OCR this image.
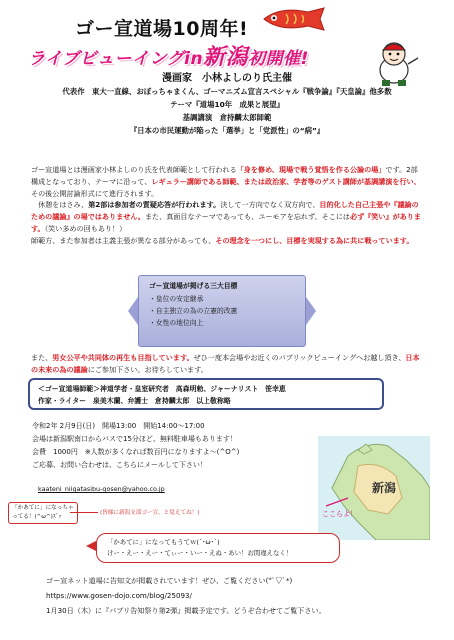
ゴー宣道場10周年!
ライブビューイングin新潟初開催!
漫画家　小林よしのり氏主催
代表作　東大一直線、おぼっちゃまくん、ゴーマニズム宣言スペシャル『戦争論』『天皇論』他多数
テーマ『道場10年　成果と展望』
基調講演　倉持麟太郎師範
『日本の市民運動が陥った「選挙」と「党派性」の“病”』
ゴー宣道場とは漫画家小林よしのり氏を代表師範として行われる「身を修め、現場で戦う覚悟を作る公論の場」です。2部構成となっており、テーマに沿って、レギュラー講師である師範、または政治家、学者等のゲスト講師が基調講演を行い、その後公開討論形式にて進行されます。
　休憩をはさみ、第2部は参加者の質疑応答が行われます。決して一方向でなく双方向で、目的化した自己主張や『議論のための議論』の場ではありません。また、真面目なテーマであっても、ユーモアを忘れず、そこには必ず『笑い』があります。（笑い多めの回もあり！）
師範方、また参加者は主義主張が異なる部分があっても、その理念を一つにし、目標を実現する為に共に戦っています。
ゴー宣道場が掲げる三大目標
・皇位の安定継承
・自主独立の為の立憲的改憲
・女性の地位向上
また、男女公平や共同体の再生も目指しています。ぜひ一度本会場やお近くのパブリックビューイングへお越し頂き、日本の未来の為の議論にご参加下さい。お待ちしています。
＜ゴー宣道場師範＞神道学者・皇室研究者　高森明勅、ジャーナリスト　笹幸恵
作家・ライター　泉美木蘭、弁護士　倉持麟太郎　以上敬称略
令和2年 2月9日(日)　開場13:00　開始14:00～17:00
会場は新潟駅南口からバスで15分ほど、無料駐車場もあります！
会費　1000円　※人数が多くなれば数百円になりますよ～(^O^)
ご応募、お問い合わせは、こちらにメールして下さい！
kaateni_niigatasibu-gosen@yahoo.co.jp
ここらよ！
新潟
「かあてに」になっちゃってる！(^ω^)ｽﾞｯ
(皆様に新潟支部ゴー宣、と覚えてね！)
「かあてに」になってもうてｗ(´･ω･`)
けー・えー・えー・てぃー・いー・えぬ・あい！お間違えなく！
ゴー宣ネット道場に告知文が掲載されています！ぜひ、ご覧ください(*ﾟ▽ﾟ*)
https://www.gosen-dojo.com/blog/25093/
1月30日（木）に『パブリ告知祭り第2弾』掲載予定です。どうぞ合わせてご覧下さい。
